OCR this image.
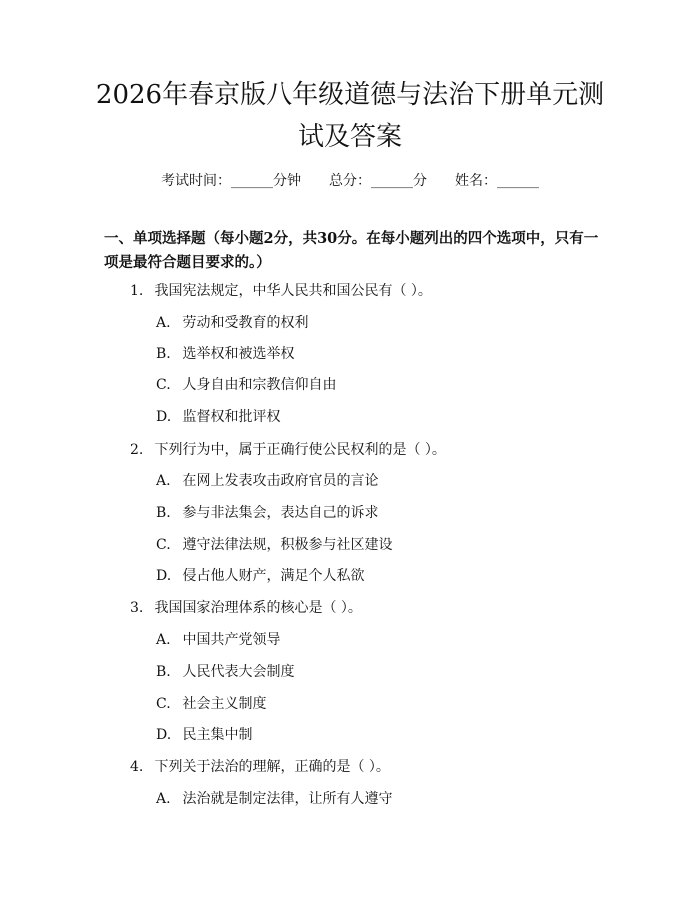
2026年春京版八年级道德与法治下册单元测试及答案
考试时间：______分钟   总分：______分   姓名：______

一、单项选择题（每小题2分，共30分。在每小题列出的四个选项中，只有一项是最符合题目要求的。）

1. 我国宪法规定，中华人民共和国公民有（ ）。
A. 劳动和受教育的权利
B. 选举权和被选举权
C. 人身自由和宗教信仰自由
D. 监督权和批评权
2. 下列行为中，属于正确行使公民权利的是（ ）。
A. 在网上发表攻击政府官员的言论
B. 参与非法集会，表达自己的诉求
C. 遵守法律法规，积极参与社区建设
D. 侵占他人财产，满足个人私欲
3. 我国国家治理体系的核心是（ ）。
A. 中国共产党领导
B. 人民代表大会制度
C. 社会主义制度
D. 民主集中制
4. 下列关于法治的理解，正确的是（ ）。
A. 法治就是制定法律，让所有人遵守
